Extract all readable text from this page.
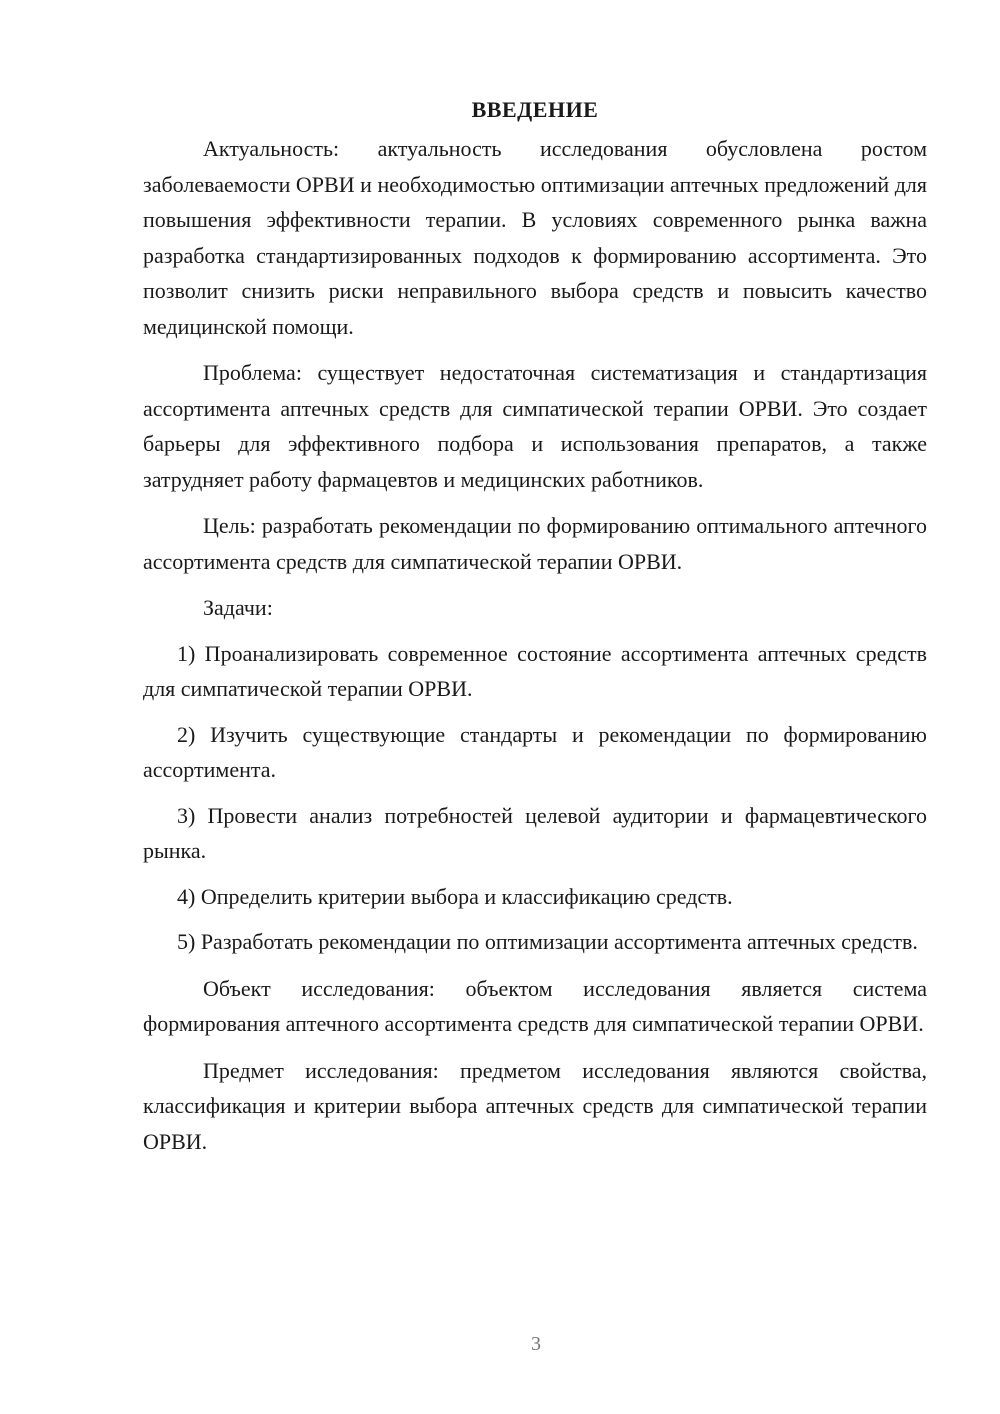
ВВЕДЕНИЕ

Актуальность: актуальность исследования обусловлена ростом заболеваемости ОРВИ и необходимостью оптимизации аптечных предложений для повышения эффективности терапии. В условиях современного рынка важна разработка стандартизированных подходов к формированию ассортимента. Это позволит снизить риски неправильного выбора средств и повысить качество медицинской помощи.

Проблема: существует недостаточная систематизация и стандартизация ассортимента аптечных средств для симпатической терапии ОРВИ. Это создает барьеры для эффективного подбора и использования препаратов, а также затрудняет работу фармацевтов и медицинских работников.

Цель: разработать рекомендации по формированию оптимального аптечного ассортимента средств для симпатической терапии ОРВИ.

Задачи:

1) Проанализировать современное состояние ассортимента аптечных средств для симпатической терапии ОРВИ.

2) Изучить существующие стандарты и рекомендации по формированию ассортимента.

3) Провести анализ потребностей целевой аудитории и фармацевтического рынка.

4) Определить критерии выбора и классификацию средств.

5) Разработать рекомендации по оптимизации ассортимента аптечных средств.

Объект исследования: объектом исследования является система формирования аптечного ассортимента средств для симпатической терапии ОРВИ.

Предмет исследования: предметом исследования являются свойства, классификация и критерии выбора аптечных средств для симпатической терапии ОРВИ.

3
